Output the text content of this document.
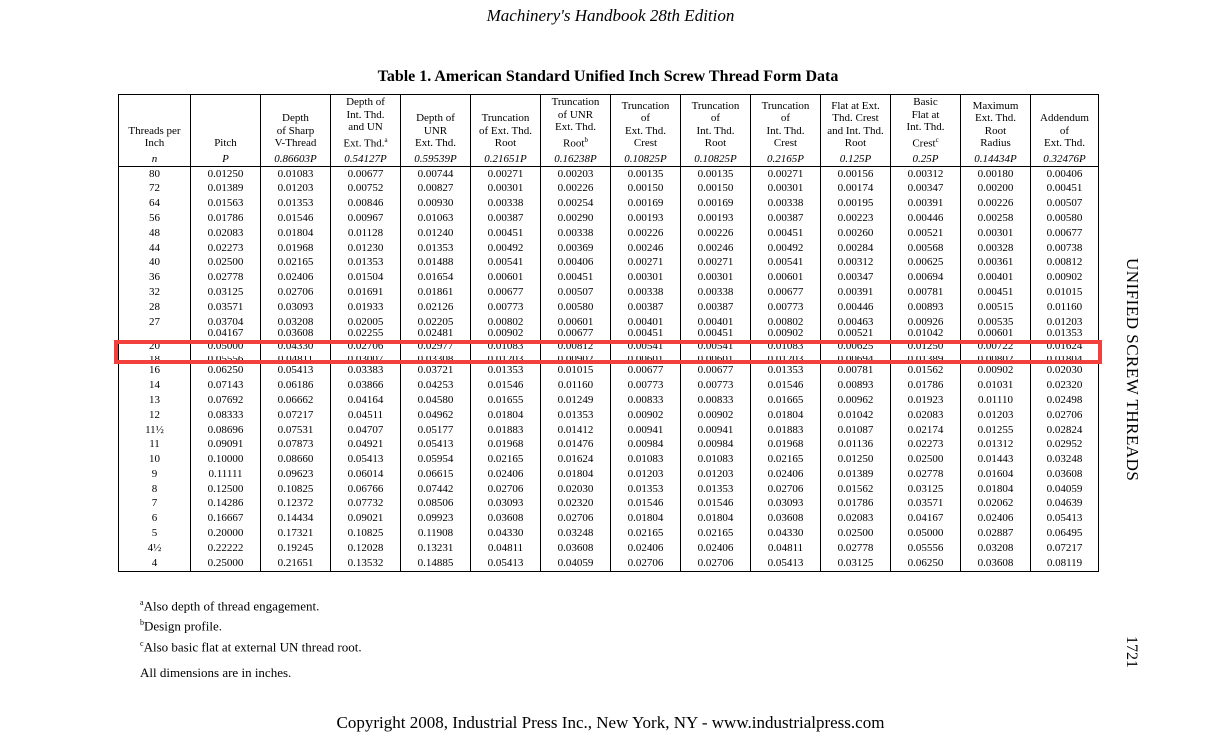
Machinery's Handbook 28th Edition
Table 1. American Standard Unified Inch Screw Thread Form Data
Threads per
Inch	Pitch	Depth
of Sharp
V-Thread	Depth of
Int. Thd.
and UN
Ext. Thd.$^a$	Depth of
UNR
Ext. Thd.	Truncation
of Ext. Thd.
Root	Truncation
of UNR
Ext. Thd.
Root$^b$	Truncation
of
Ext. Thd.
Crest	Truncation
of
Int. Thd.
Root	Truncation
of
Int. Thd.
Crest	Flat at Ext.
Thd. Crest
and Int. Thd.
Root	Basic
Flat at
Int. Thd.
Crest$^c$	Maximum
Ext. Thd.
Root
Radius	Addendum
of
Ext. Thd.
n	P	0.86603P	0.54127P	0.59539P	0.21651P	0.16238P	0.10825P	0.10825P	0.2165P	0.125P	0.25P	0.14434P	0.32476P
80	0.01250	0.01083	0.00677	0.00744	0.00271	0.00203	0.00135	0.00135	0.00271	0.00156	0.00312	0.00180	0.00406
72	0.01389	0.01203	0.00752	0.00827	0.00301	0.00226	0.00150	0.00150	0.00301	0.00174	0.00347	0.00200	0.00451
64	0.01563	0.01353	0.00846	0.00930	0.00338	0.00254	0.00169	0.00169	0.00338	0.00195	0.00391	0.00226	0.00507
56	0.01786	0.01546	0.00967	0.01063	0.00387	0.00290	0.00193	0.00193	0.00387	0.00223	0.00446	0.00258	0.00580
48	0.02083	0.01804	0.01128	0.01240	0.00451	0.00338	0.00226	0.00226	0.00451	0.00260	0.00521	0.00301	0.00677
44	0.02273	0.01968	0.01230	0.01353	0.00492	0.00369	0.00246	0.00246	0.00492	0.00284	0.00568	0.00328	0.00738
40	0.02500	0.02165	0.01353	0.01488	0.00541	0.00406	0.00271	0.00271	0.00541	0.00312	0.00625	0.00361	0.00812
36	0.02778	0.02406	0.01504	0.01654	0.00601	0.00451	0.00301	0.00301	0.00601	0.00347	0.00694	0.00401	0.00902
32	0.03125	0.02706	0.01691	0.01861	0.00677	0.00507	0.00338	0.00338	0.00677	0.00391	0.00781	0.00451	0.01015
28	0.03571	0.03093	0.01933	0.02126	0.00773	0.00580	0.00387	0.00387	0.00773	0.00446	0.00893	0.00515	0.01160
27	0.03704	0.03208	0.02005	0.02205	0.00802	0.00601	0.00401	0.00401	0.00802	0.00463	0.00926	0.00535	0.01203
	0.04167	0.03608	0.02255	0.02481	0.00902	0.00677	0.00451	0.00451	0.00902	0.00521	0.01042	0.00601	0.01353
20	0.05000	0.04330	0.02706	0.02977	0.01083	0.00812	0.00541	0.00541	0.01083	0.00625	0.01250	0.00722	0.01624
18	0.05556	0.04811	0.03007	0.03308	0.01203	0.00902	0.00601	0.00601	0.01203	0.00694	0.01389	0.00802	0.01804
16	0.06250	0.05413	0.03383	0.03721	0.01353	0.01015	0.00677	0.00677	0.01353	0.00781	0.01562	0.00902	0.02030
14	0.07143	0.06186	0.03866	0.04253	0.01546	0.01160	0.00773	0.00773	0.01546	0.00893	0.01786	0.01031	0.02320
13	0.07692	0.06662	0.04164	0.04580	0.01655	0.01249	0.00833	0.00833	0.01665	0.00962	0.01923	0.01110	0.02498
12	0.08333	0.07217	0.04511	0.04962	0.01804	0.01353	0.00902	0.00902	0.01804	0.01042	0.02083	0.01203	0.02706
11½	0.08696	0.07531	0.04707	0.05177	0.01883	0.01412	0.00941	0.00941	0.01883	0.01087	0.02174	0.01255	0.02824
11	0.09091	0.07873	0.04921	0.05413	0.01968	0.01476	0.00984	0.00984	0.01968	0.01136	0.02273	0.01312	0.02952
10	0.10000	0.08660	0.05413	0.05954	0.02165	0.01624	0.01083	0.01083	0.02165	0.01250	0.02500	0.01443	0.03248
9	0.11111	0.09623	0.06014	0.06615	0.02406	0.01804	0.01203	0.01203	0.02406	0.01389	0.02778	0.01604	0.03608
8	0.12500	0.10825	0.06766	0.07442	0.02706	0.02030	0.01353	0.01353	0.02706	0.01562	0.03125	0.01804	0.04059
7	0.14286	0.12372	0.07732	0.08506	0.03093	0.02320	0.01546	0.01546	0.03093	0.01786	0.03571	0.02062	0.04639
6	0.16667	0.14434	0.09021	0.09923	0.03608	0.02706	0.01804	0.01804	0.03608	0.02083	0.04167	0.02406	0.05413
5	0.20000	0.17321	0.10825	0.11908	0.04330	0.03248	0.02165	0.02165	0.04330	0.02500	0.05000	0.02887	0.06495
4½	0.22222	0.19245	0.12028	0.13231	0.04811	0.03608	0.02406	0.02406	0.04811	0.02778	0.05556	0.03208	0.07217
4	0.25000	0.21651	0.13532	0.14885	0.05413	0.04059	0.02706	0.02706	0.05413	0.03125	0.06250	0.03608	0.08119
$^a$Also depth of thread engagement.
$^b$Design profile.
$^c$Also basic flat at external UN thread root.
All dimensions are in inches.
UNIFIED SCREW THREADS
1721
Copyright 2008, Industrial Press Inc., New York, NY - www.industrialpress.com
